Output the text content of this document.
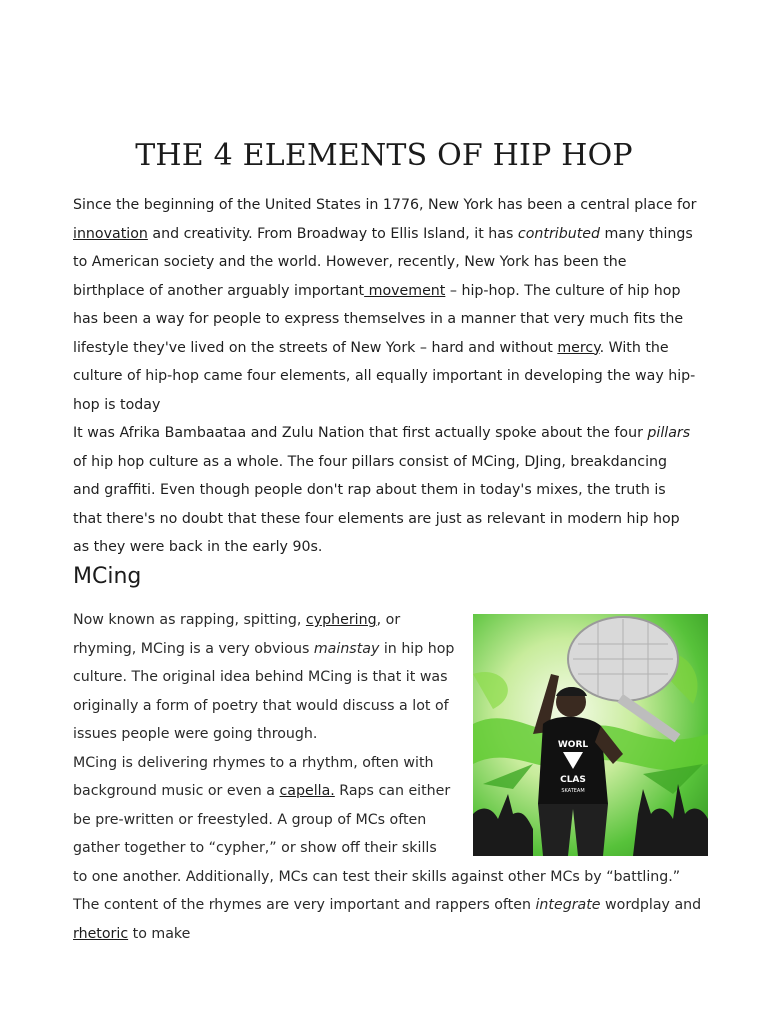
THE 4 ELEMENTS OF HIP HOP

Since the beginning of the United States in 1776, New York has been a central place for innovation and creativity. From Broadway to Ellis Island, it has contributed many things to American society and the world. However, recently, New York has been the birthplace of another arguably important movement – hip-hop. The culture of hip hop has been a way for people to express themselves in a manner that very much fits the lifestyle they've lived on the streets of New York – hard and without mercy. With the culture of hip-hop came four elements, all equally important in developing the way hip-hop is today

It was Afrika Bambaataa and Zulu Nation that first actually spoke about the four pillars of hip hop culture as a whole. The four pillars consist of MCing, DJing, breakdancing and graffiti. Even though people don't rap about them in today's mixes, the truth is that there's no doubt that these four elements are just as relevant in modern hip hop as they were back in the early 90s.

MCing
WORL
CLAS
SKATEAM

Now known as rapping, spitting, cyphering, or rhyming, MCing is a very obvious mainstay in hip hop culture. The original idea behind MCing is that it was originally a form of poetry that would discuss a lot of issues people were going through.

MCing is delivering rhymes to a rhythm, often with background music or even a capella. Raps can either be pre-written or freestyled. A group of MCs often gather together to “cypher,” or show off their skills to one another. Additionally, MCs can test their skills against other MCs by “battling.” The content of the rhymes are very important and rappers often integrate wordplay and rhetoric to make
